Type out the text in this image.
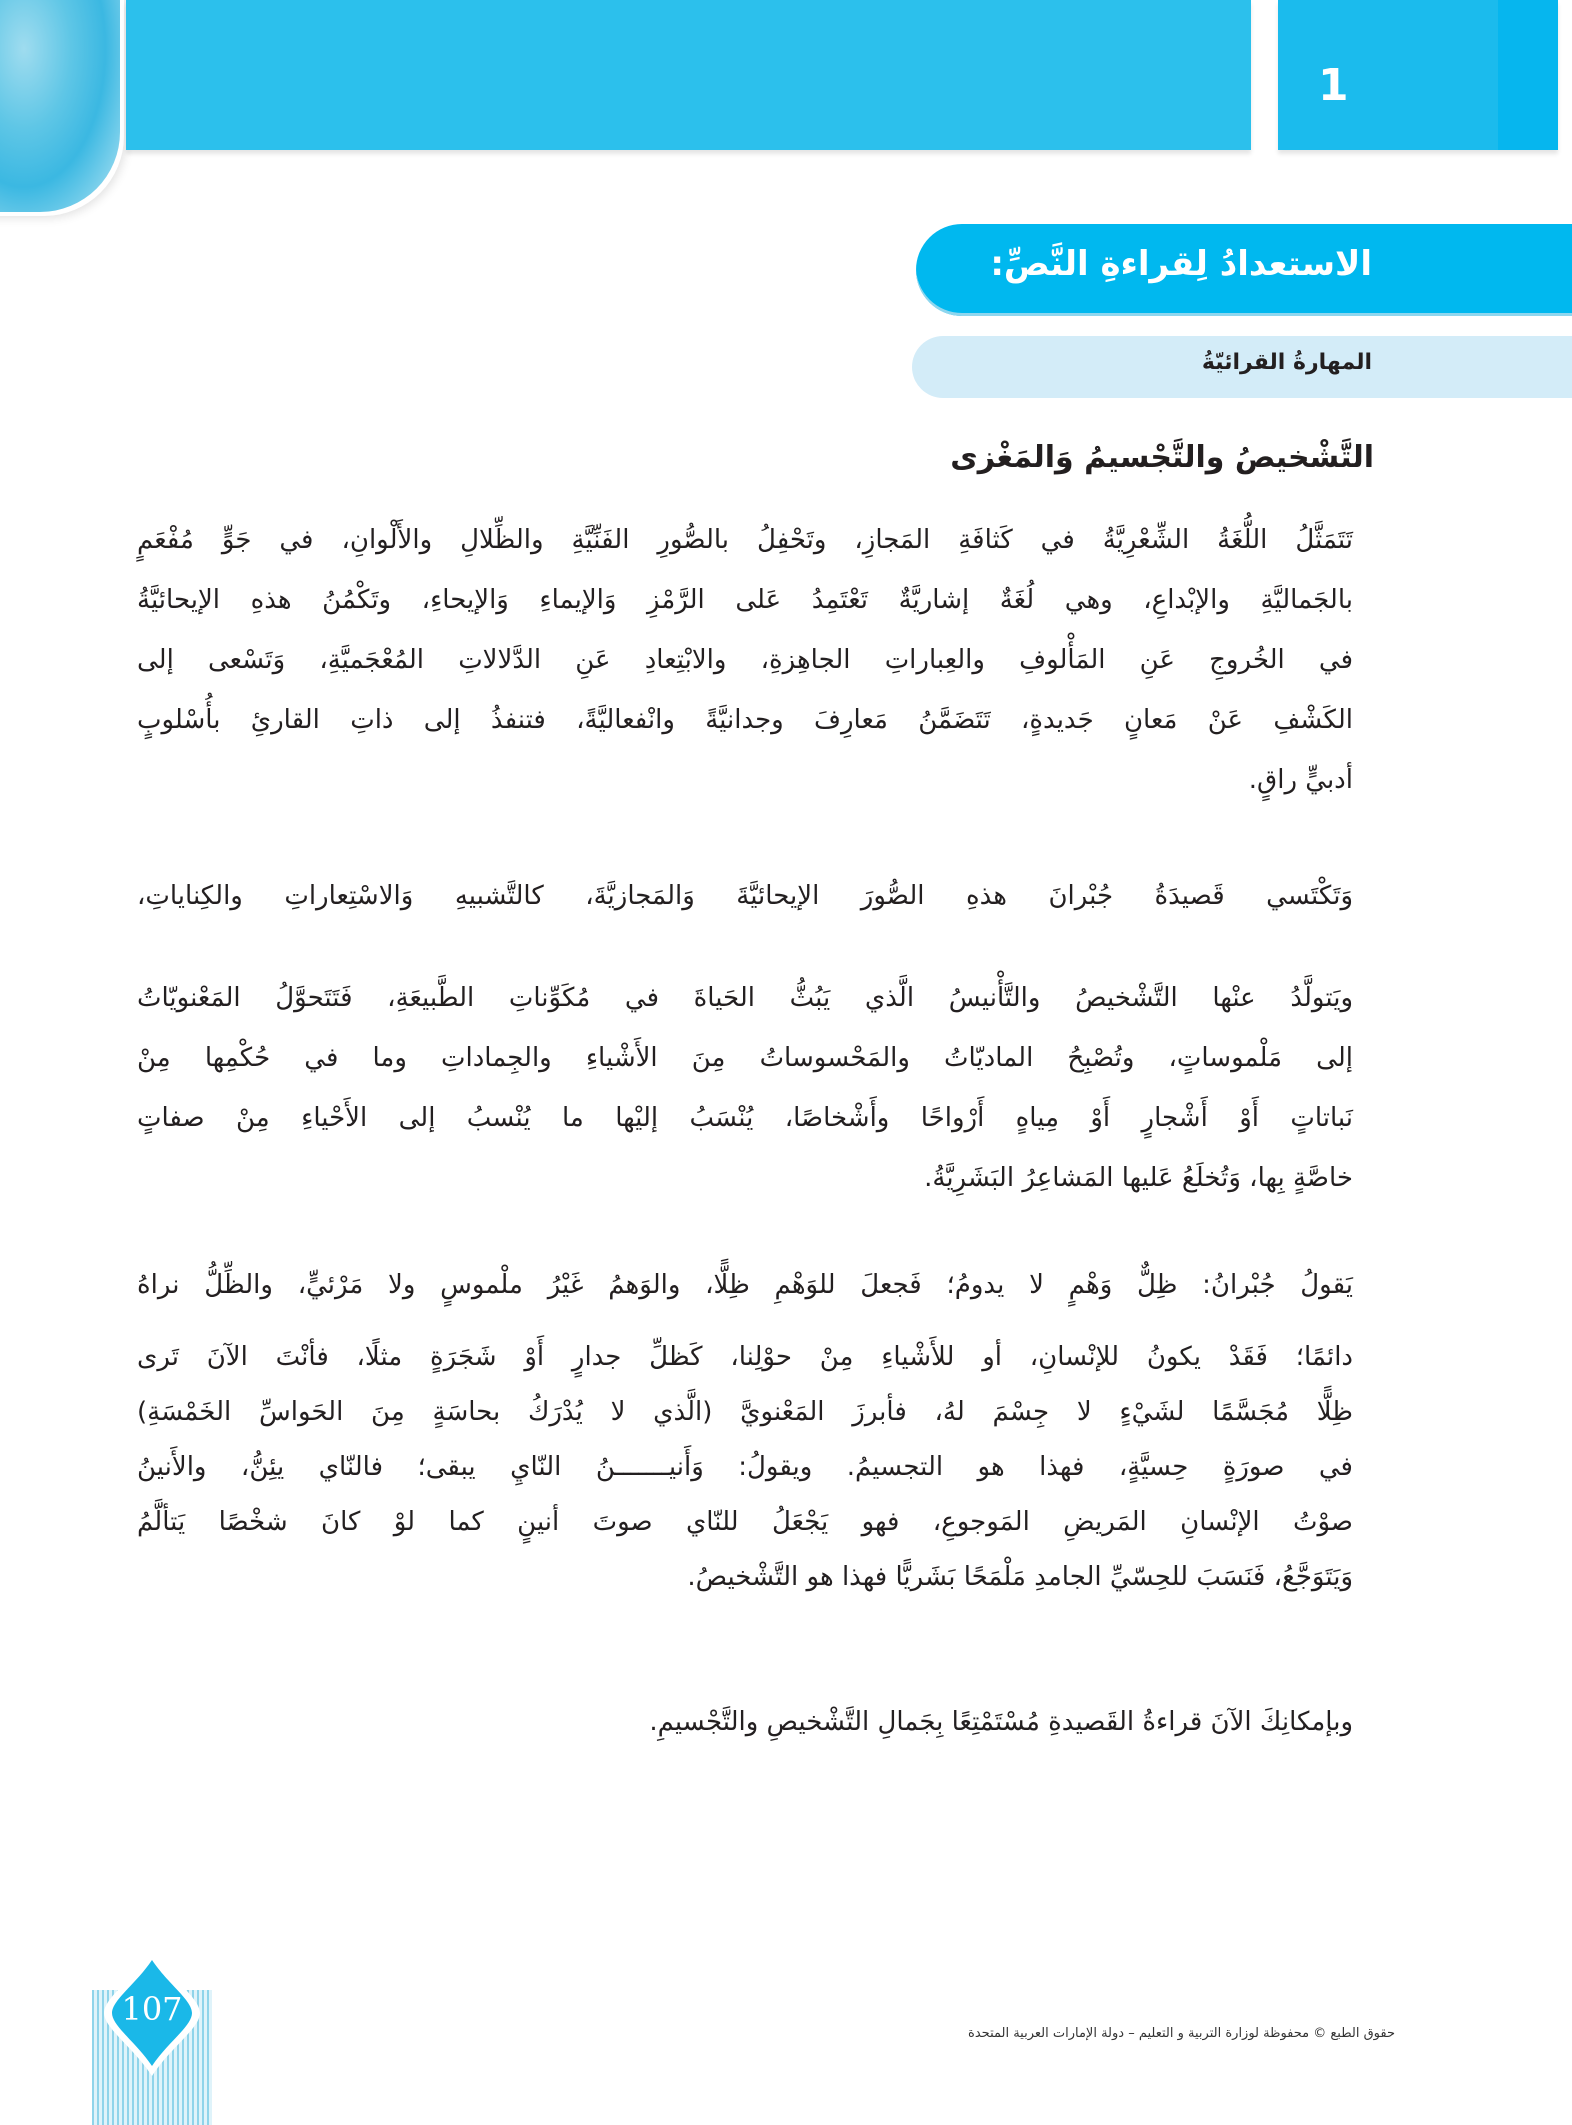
1
الاستعدادُ لِقراءةِ النَّصِّ:
المهارةُ القرائيّةُ
التَّشْخيصُ والتَّجْسيمُ وَالمَغْزى
تَتَمَثَّلُ اللُّغَةُ الشِّعْرِيَّةُ في كَثافَةِ المَجازِ، وتَحْفِلُ بالصُّورِ الفَنِّيَّةِ والظِّلالِ والأَلْوانِ، في جَوٍّ مُفْعَمٍ
بالجَماليَّةِ والإبْداعِ، وهي لُغَةٌ إشاريَّةٌ تَعْتَمِدُ عَلى الرَّمْزِ وَالإيماءِ وَالإيحاءِ، وتَكْمُنُ هذهِ الإيحائيَّةُ
في الخُروجِ عَنِ المَأْلوفِ والعِباراتِ الجاهِزةِ، والابْتِعادِ عَنِ الدَّلالاتِ المُعْجَميَّةِ، وَتَسْعى إلى
الكَشْفِ عَنْ مَعانٍ جَديدةٍ، تَتَضَمَّنُ مَعارِفَ وجدانيَّةً وانْفعاليَّةً، فتنفذُ إلى ذاتِ القارئِ بأُسْلوبٍ
أدبيٍّ راقٍ.
وَتَكْتَسي قَصيدَةُ جُبْرانَ هذهِ الصُّورَ الإيحائيَّةَ وَالمَجازيَّةَ، كالتَّشبيهِ وَالاسْتِعاراتِ والكِناياتِ،
ويَتولَّدُ عنْها التَّشْخيصُ والتَّأْنيسُ الَّذي يَبُثُّ الحَياةَ في مُكَوِّناتِ الطَّبيعَةِ، فَتَتَحوَّلُ المَعْنويّاتُ
إلى مَلْموساتٍ، وتُصْبِحُ الماديّاتُ والمَحْسوساتُ مِنَ الأَشْياءِ والجِماداتِ وما في حُكْمِها مِنْ
نَباتاتٍ أَوْ أَشْجارٍ أَوْ مِياهٍ أَرْواحًا وأَشْخاصًا، يُنْسَبُ إليْها ما يُنْسبُ إلى الأَحْياءِ مِنْ صفاتٍ
خاصَّةٍ بِها، وَتُخلَعُ عَليها المَشاعِرُ البَشَرِيَّةُ.
يَقولُ جُبْرانُ: ظِلٌّ وَهْمٍ لا يدومُ؛ فَجعلَ للوَهْمِ ظِلًّا، والوَهمُ غَيْرُ ملْموسٍ ولا مَرْئيٍّ، والظِّلُّ نراهُ
دائمًا؛ فَقَدْ يكونُ للإنْسانِ، أو للأَشْياءِ مِنْ حوْلِنا، كَظلِّ جدارٍ أَوْ شَجَرَةٍ مثلًا، فأنْتَ الآنَ تَرى
ظِلًّا مُجَسَّمًا لشَيْءٍ لا جِسْمَ لهُ، فأبرزَ المَعْنويَّ (الَّذي لا يُدْرَكُ بحاسَةٍ مِنَ الحَواسِّ الخَمْسَةِ)
في صورَةٍ حِسيَّةٍ، فهذا هو التجسيمُ. ويقولُ: وَأَنيـــــــنُ النّايِ يبقى؛ فالنّاي يئِنُّ، والأَنينُ
صوْتُ الإنْسانِ المَريضِ المَوجوعِ، فهو يَجْعَلُ للنّاي صوتَ أنينٍ كما لوْ كانَ شخْصًا يَتألَّمُ
وَيَتَوَجَّعُ، فَنَسَبَ للحِسّيِّ الجامدِ مَلْمَحًا بَشَريًّا فهذا هو التَّشْخيصُ.
وبإمكانِكَ الآنَ قراءةُ القَصيدةِ مُسْتَمْتِعًا بِجَمالِ التَّشْخيصِ والتَّجْسيمِ.
107
حقوق الطبع © محفوظة لوزارة التربية و التعليم – دولة الإمارات العربية المتحدة
